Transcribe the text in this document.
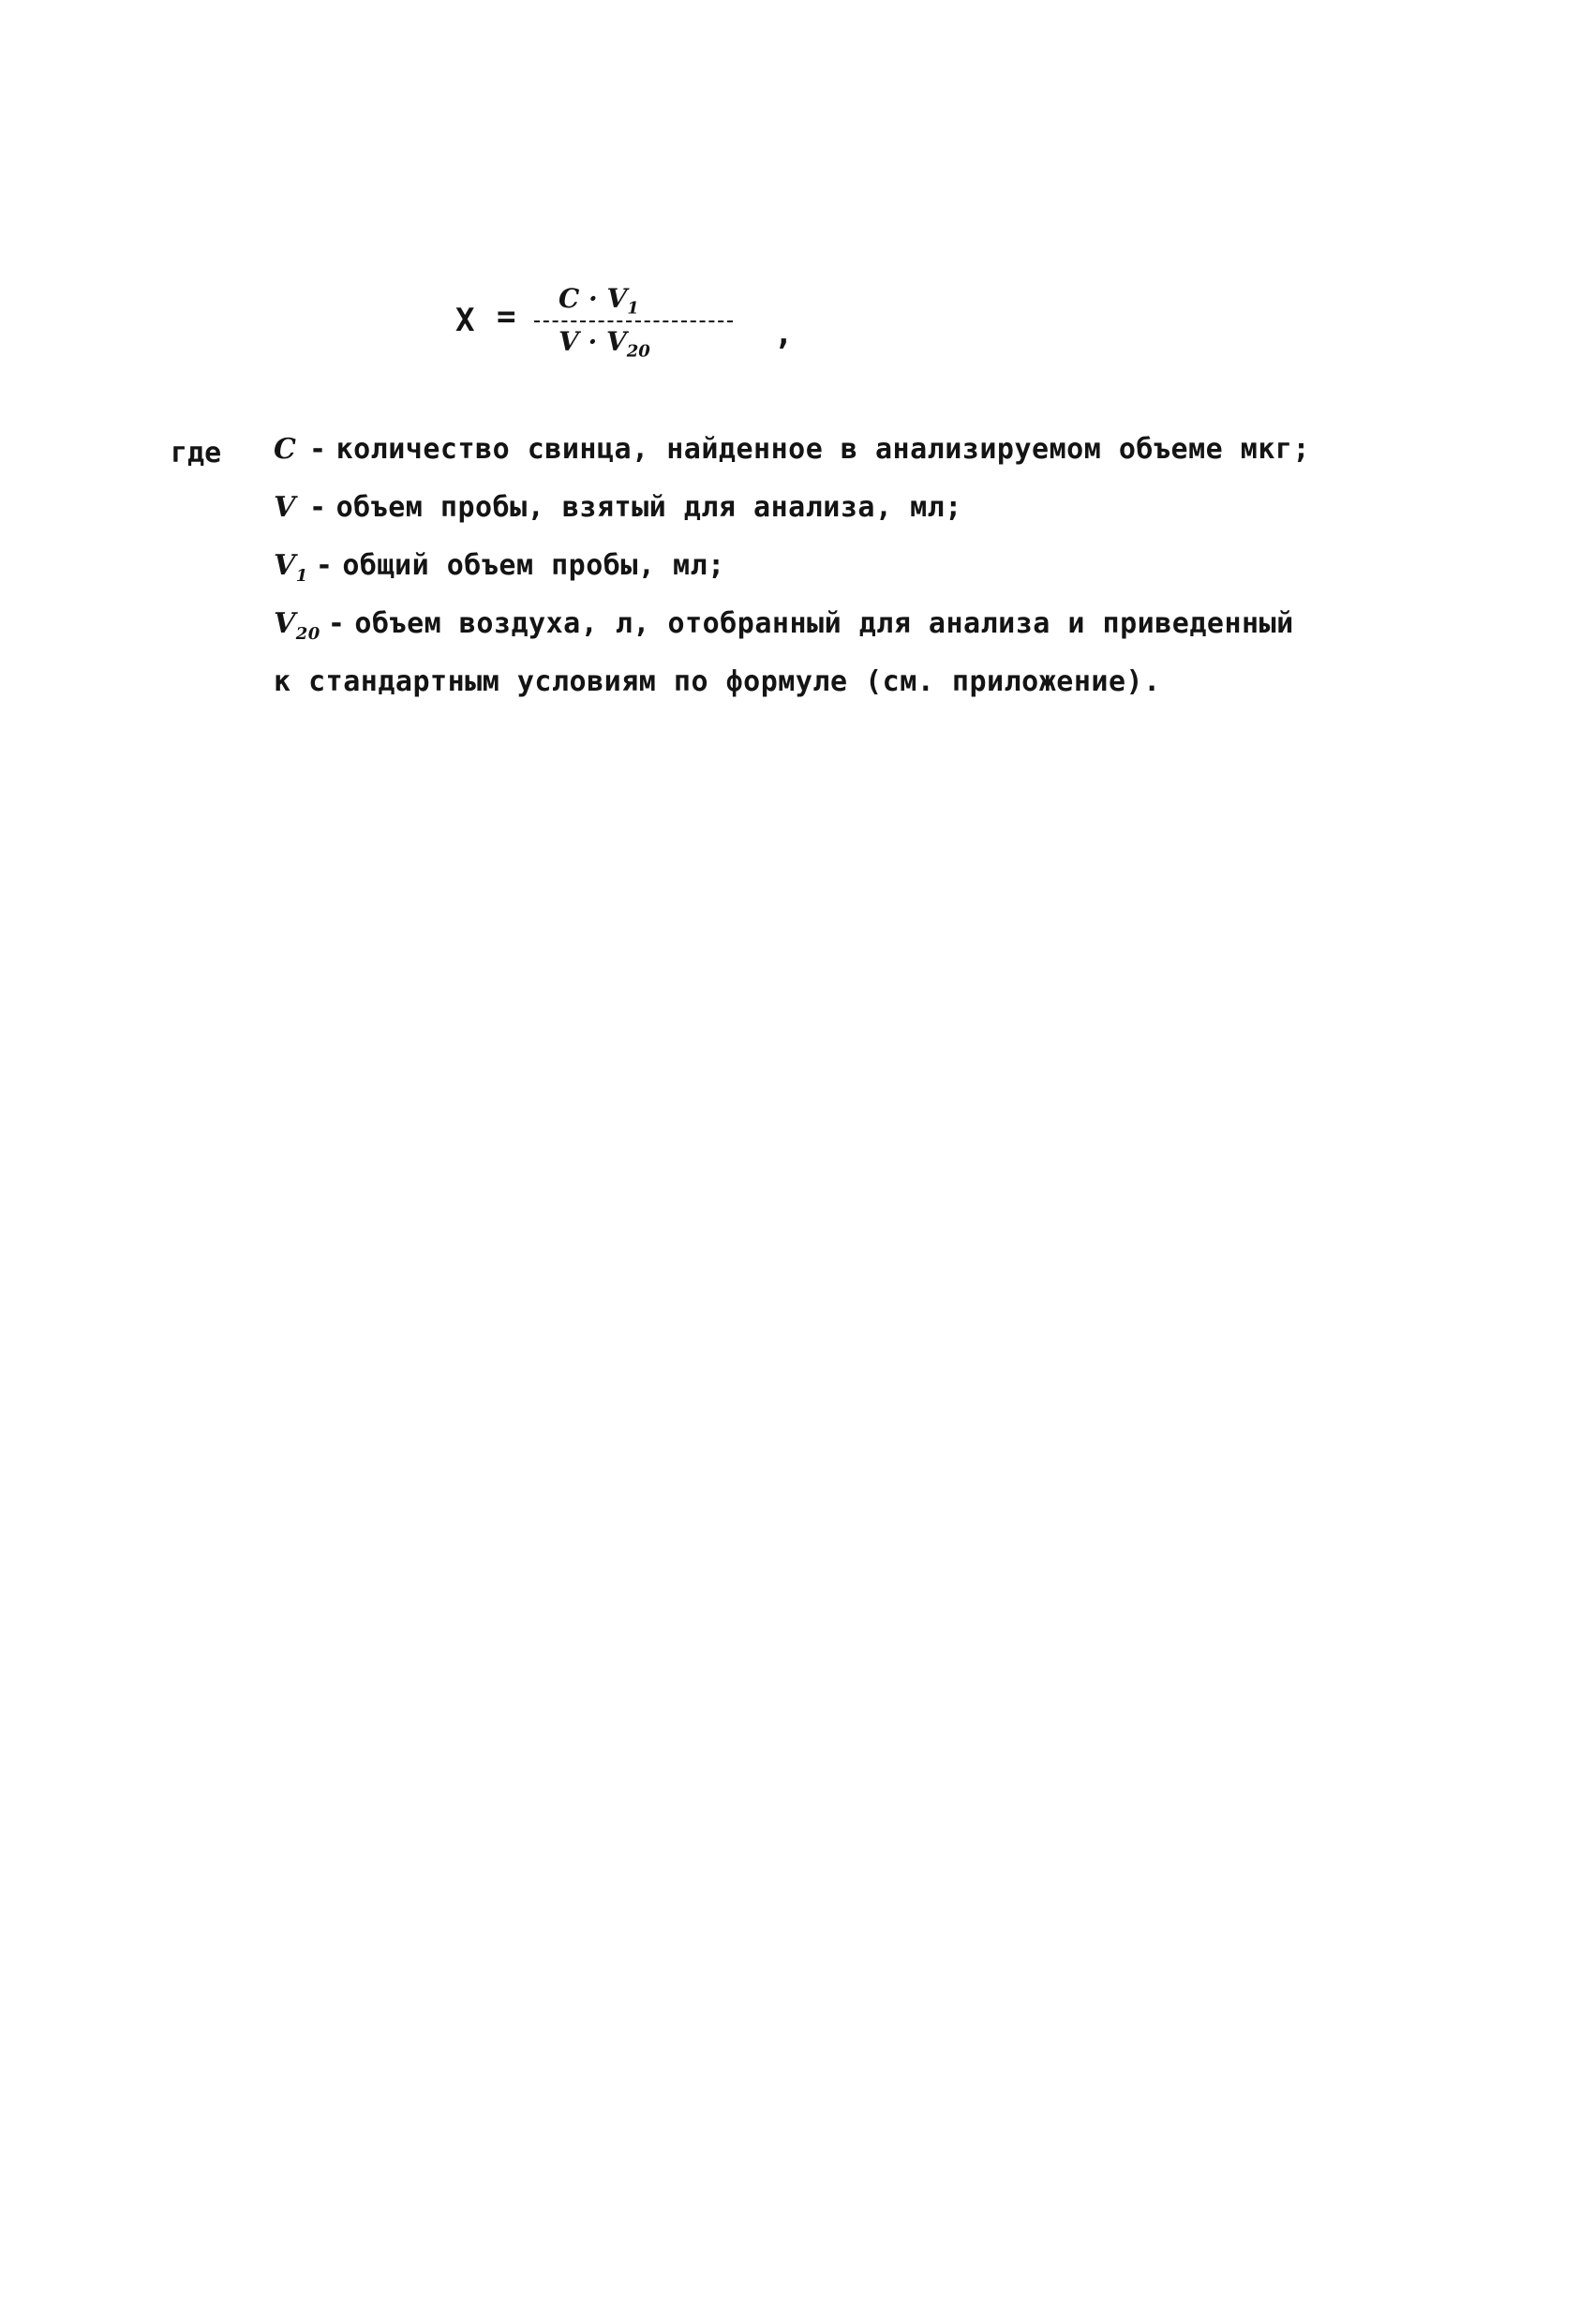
$X = C \cdot V_1$
$V \cdot V_{20}$	,
где C - количество свинца, найденное в анализируемом объеме мкг;
V - объем пробы, взятый для анализа, мл;
$V_1$ - общий объем пробы, мл;
$V_{20}$ - объем воздуха, л, отобранный для анализа и приведенный
к стандартным условиям по формуле (см. приложение).
